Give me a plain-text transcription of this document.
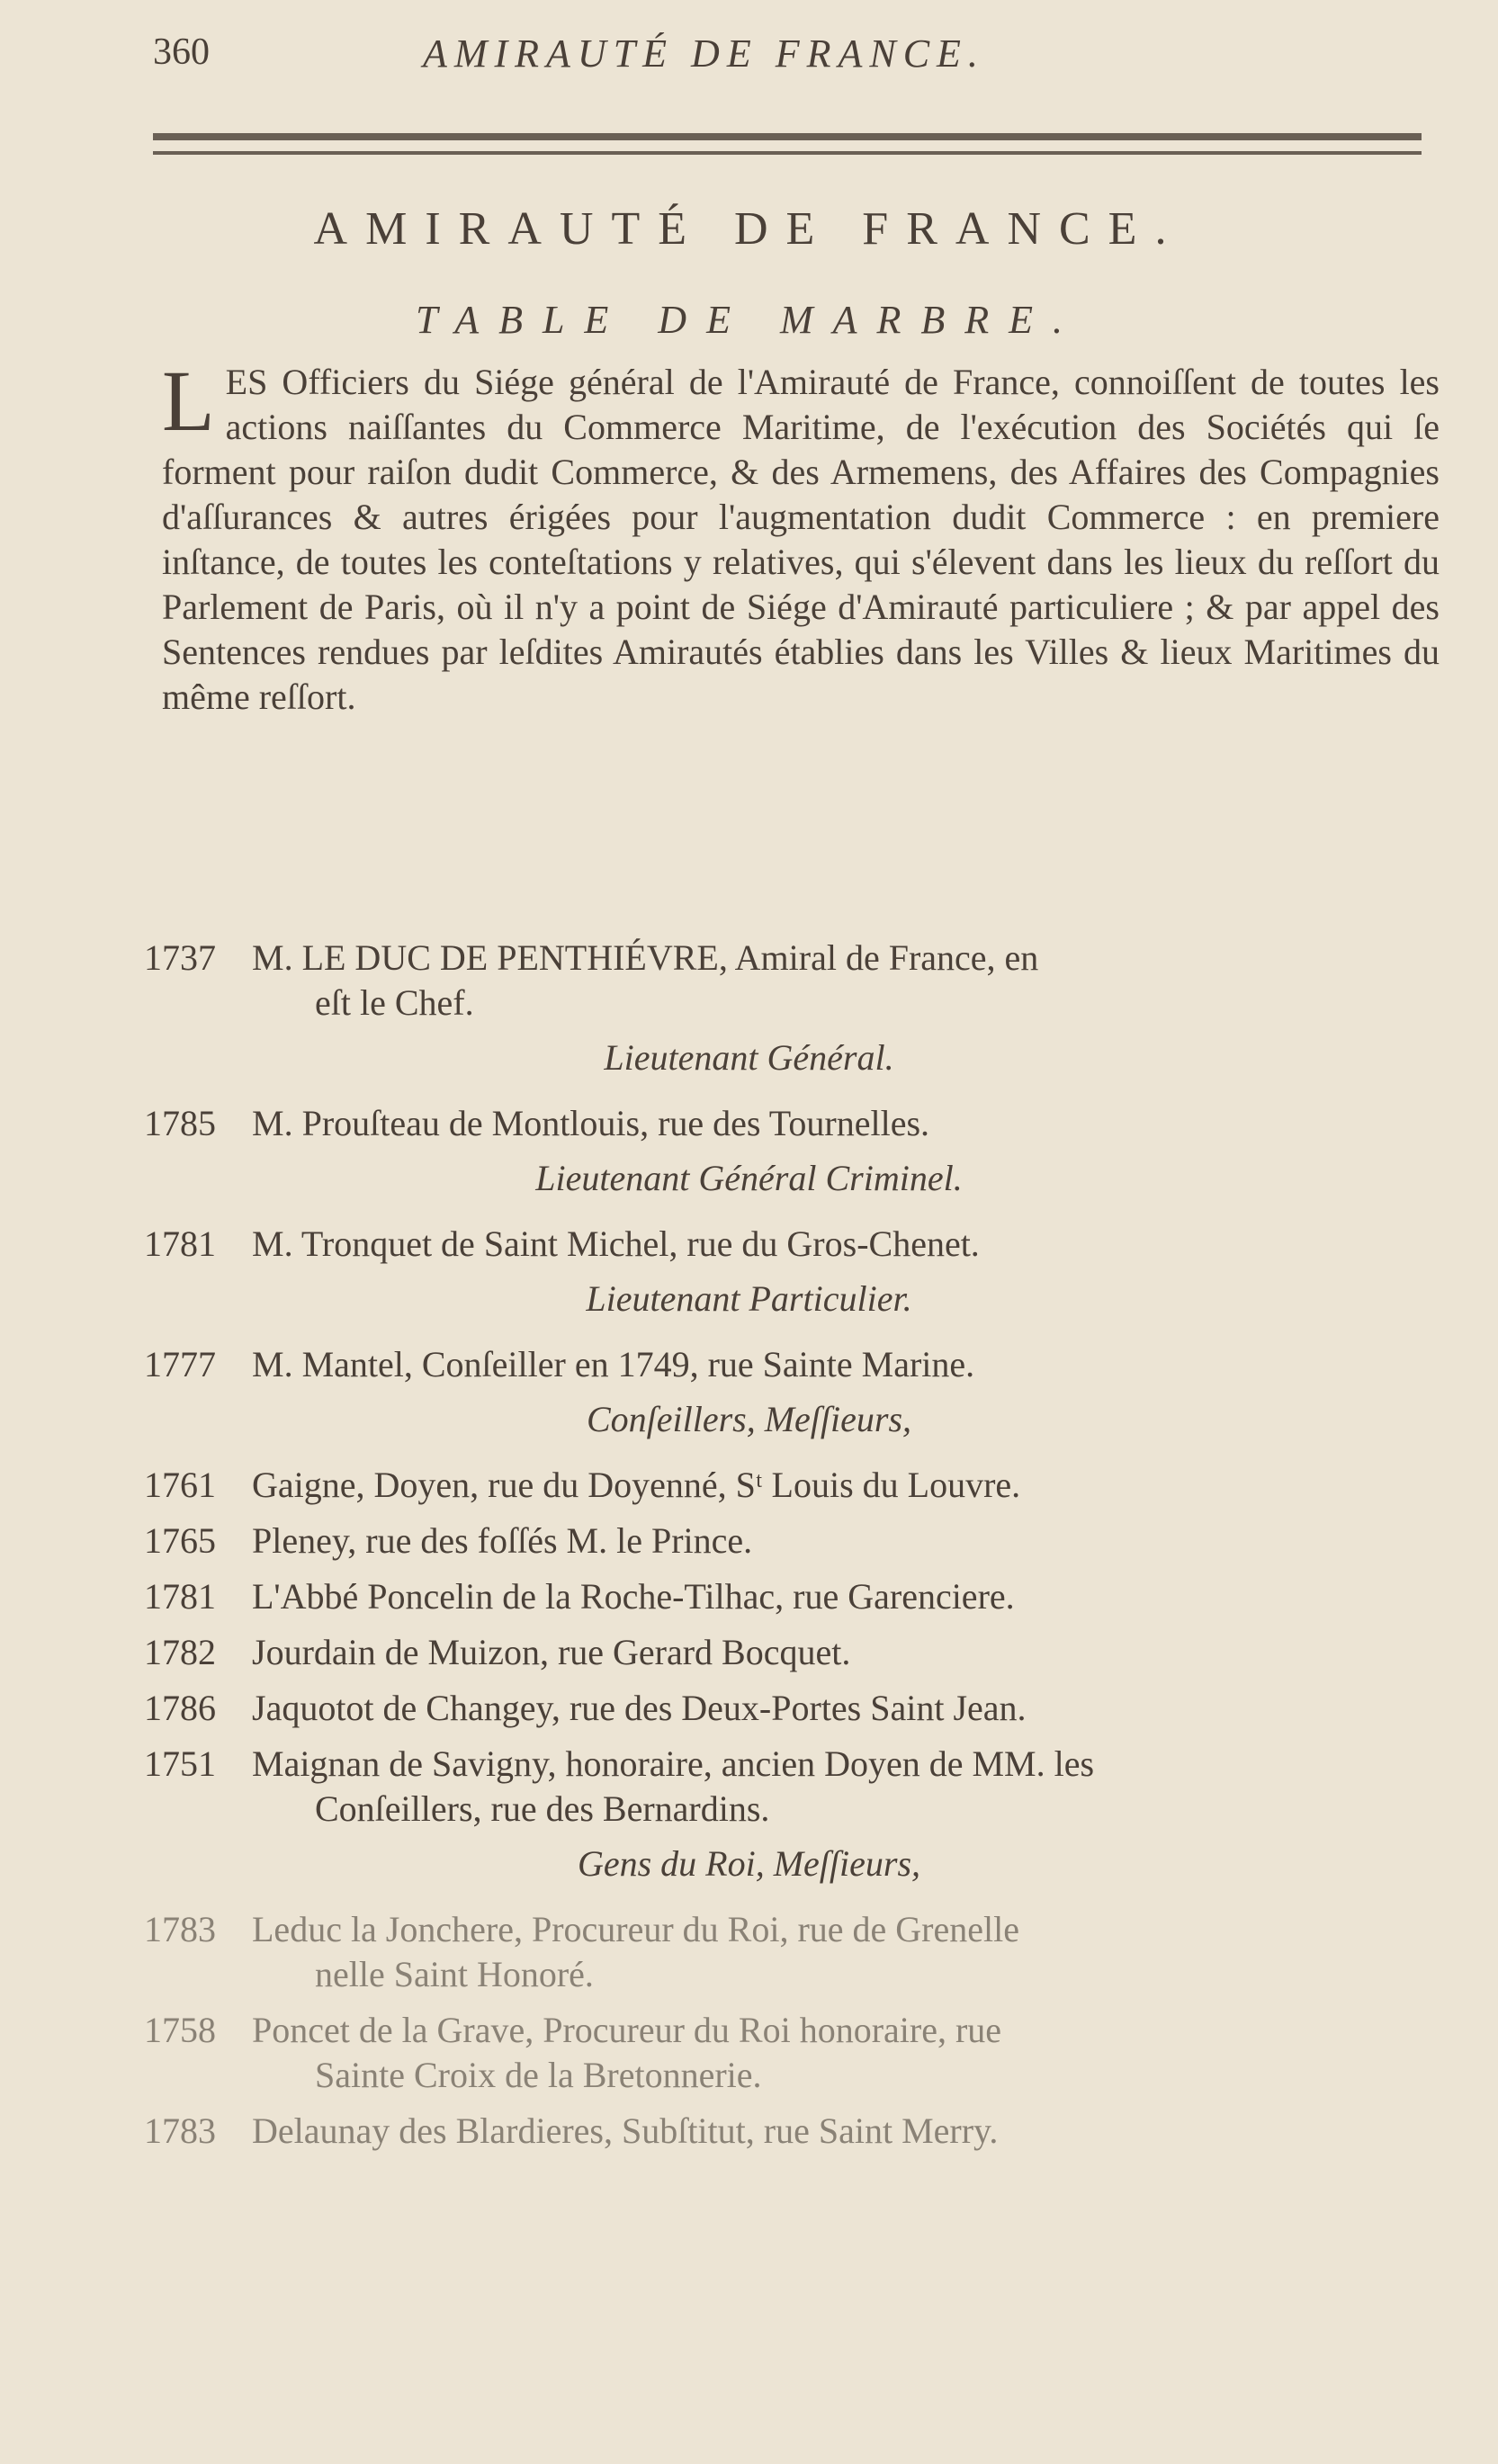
360	AMIRAUTÉ DE FRANCE.
AMIRAUTÉ DE FRANCE.
TABLE DE MARBRE.
L ES Officiers du Siége général de l'Amirauté de France, connoiſſent de toutes les actions naiſſantes du Commerce Maritime, de l'exécution des Sociétés qui ſe forment pour raiſon dudit Commerce, & des Armemens, des Affaires des Compagnies d'aſſurances & autres érigées pour l'augmentation dudit Commerce : en premiere inſtance, de toutes les conteſtations y relatives, qui s'élevent dans les lieux du reſſort du Parlement de Paris, où il n'y a point de Siége d'Amirauté particuliere ; & par appel des Sentences rendues par leſdites Amirautés établies dans les Villes & lieux Maritimes du même reſſort.
1737 M. LE DUC DE PENTHIÉVRE, Amiral de France, en
eſt le Chef.
Lieutenant Général.
1785 M. Prouſteau de Montlouis, rue des Tournelles.
Lieutenant Général Criminel.
1781 M. Tronquet de Saint Michel, rue du Gros-Chenet.
Lieutenant Particulier.
1777 M. Mantel, Conſeiller en 1749, rue Sainte Marine.
Conſeillers, Meſſieurs,
1761 Gaigne, Doyen, rue du Doyenné, Sᵗ Louis du Louvre.
1765 Pleney, rue des foſſés M. le Prince.
1781 L'Abbé Poncelin de la Roche-Tilhac, rue Garenciere.
1782 Jourdain de Muizon, rue Gerard Bocquet.
1786 Jaquotot de Changey, rue des Deux-Portes Saint Jean.
1751 Maignan de Savigny, honoraire, ancien Doyen de MM. les
Conſeillers, rue des Bernardins.
Gens du Roi, Meſſieurs,
1783 Leduc la Jonchere, Procureur du Roi, rue de Grenelle
nelle Saint Honoré.
1758 Poncet de la Grave, Procureur du Roi honoraire, rue
Sainte Croix de la Bretonnerie.
1783 Delaunay des Blardieres, Subſtitut, rue Saint Merry.
